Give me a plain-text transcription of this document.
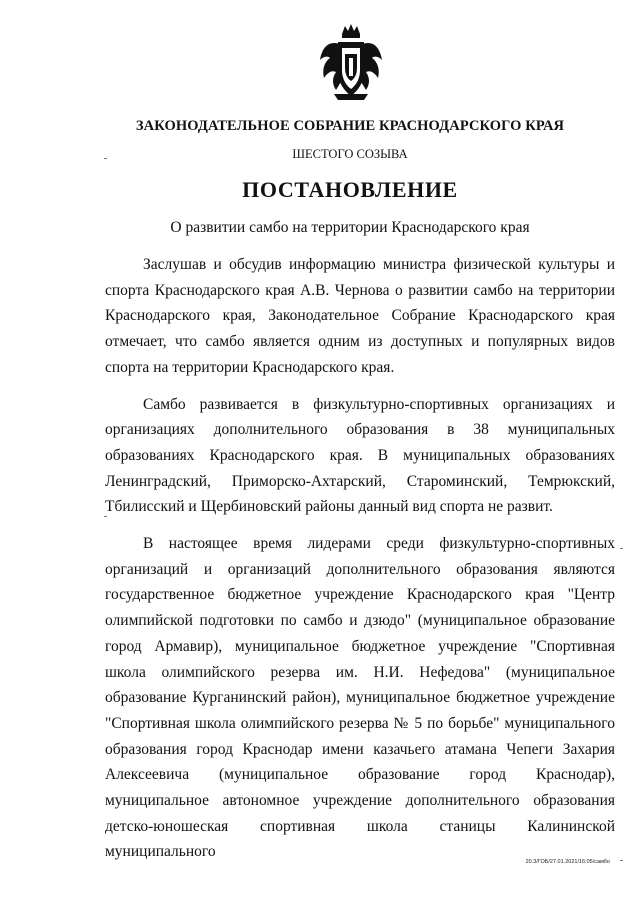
ЗАКОНОДАТЕЛЬНОЕ СОБРАНИЕ КРАСНОДАРСКОГО КРАЯ
ШЕСТОГО СОЗЫВА
ПОСТАНОВЛЕНИЕ
О развитии самбо на территории Краснодарского края

Заслушав и обсудив информацию министра физической культуры и спорта Краснодарского края А.В. Чернова о развитии самбо на территории Краснодарского края, Законодательное Собрание Краснодарского края отмечает, что самбо является одним из доступных и популярных видов спорта на территории Краснодарского края.

Самбо развивается в физкультурно-спортивных организациях и организациях дополнительного образования в 38 муниципальных образованиях Краснодарского края. В муниципальных образованиях Ленинградский, Приморско-Ахтарский, Староминский, Темрюкский, Тбилисский и Щербиновский районы данный вид спорта не развит.

В настоящее время лидерами среди физкультурно-спортивных организаций и организаций дополнительного образования являются государственное бюджетное учреждение Краснодарского края "Центр олимпийской подготовки по самбо и дзюдо" (муниципальное образование город Армавир), муниципальное бюджетное учреждение "Спортивная школа олимпийского резерва им. Н.И. Нефедова" (муниципальное образование Курганинский район), муниципальное бюджетное учреждение "Спортивная школа олимпийского резерва № 5 по борьбе" муниципального образования город Краснодар имени казачьего атамана Чепеги Захария Алексеевича (муниципальное образование город Краснодар), муниципальное автономное учреждение дополнительного образования детско-юношеская спортивная школа станицы Калининской муниципального

20.3/ГОБ/27.01.2021/16:05/самбо
